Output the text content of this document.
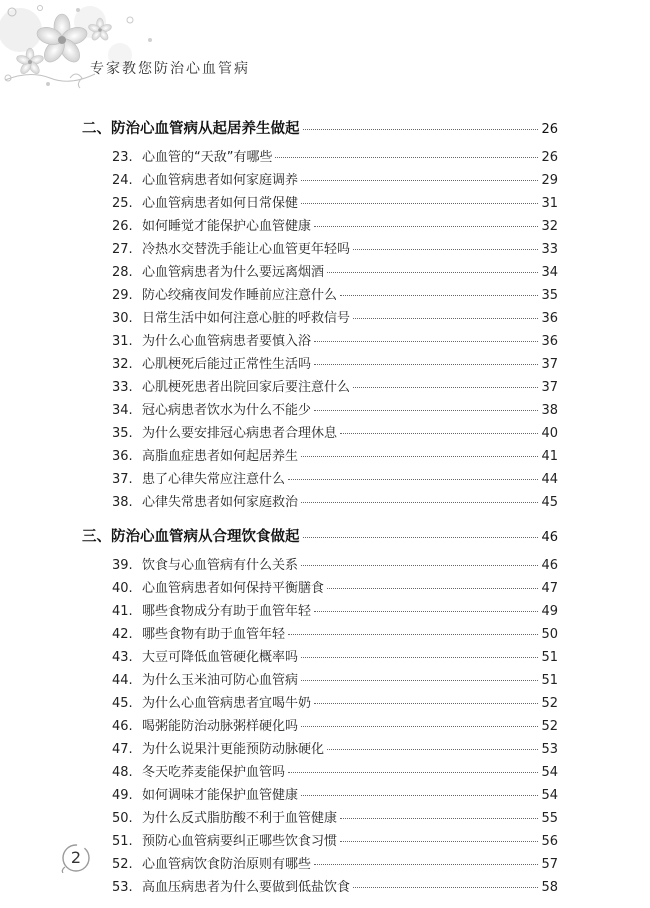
专家教您防治心血管病
二、防治心血管病从起居养生做起	26
23. 心血管的“天敌”有哪些	26
24. 心血管病患者如何家庭调养	29
25. 心血管病患者如何日常保健	31
26. 如何睡觉才能保护心血管健康	32
27. 冷热水交替洗手能让心血管更年轻吗	33
28. 心血管病患者为什么要远离烟酒	34
29. 防心绞痛夜间发作睡前应注意什么	35
30. 日常生活中如何注意心脏的呼救信号	36
31. 为什么心血管病患者要慎入浴	36
32. 心肌梗死后能过正常性生活吗	37
33. 心肌梗死患者出院回家后要注意什么	37
34. 冠心病患者饮水为什么不能少	38
35. 为什么要安排冠心病患者合理休息	40
36. 高脂血症患者如何起居养生	41
37. 患了心律失常应注意什么	44
38. 心律失常患者如何家庭救治	45
三、防治心血管病从合理饮食做起	46
39. 饮食与心血管病有什么关系	46
40. 心血管病患者如何保持平衡膳食	47
41. 哪些食物成分有助于血管年轻	49
42. 哪些食物有助于血管年轻	50
43. 大豆可降低血管硬化概率吗	51
44. 为什么玉米油可防心血管病	51
45. 为什么心血管病患者宜喝牛奶	52
46. 喝粥能防治动脉粥样硬化吗	52
47. 为什么说果汁更能预防动脉硬化	53
48. 冬天吃荞麦能保护血管吗	54
49. 如何调味才能保护血管健康	54
50. 为什么反式脂肪酸不利于血管健康	55
51. 预防心血管病要纠正哪些饮食习惯	56
52. 心血管病饮食防治原则有哪些	57
53. 高血压病患者为什么要做到低盐饮食	58
2
